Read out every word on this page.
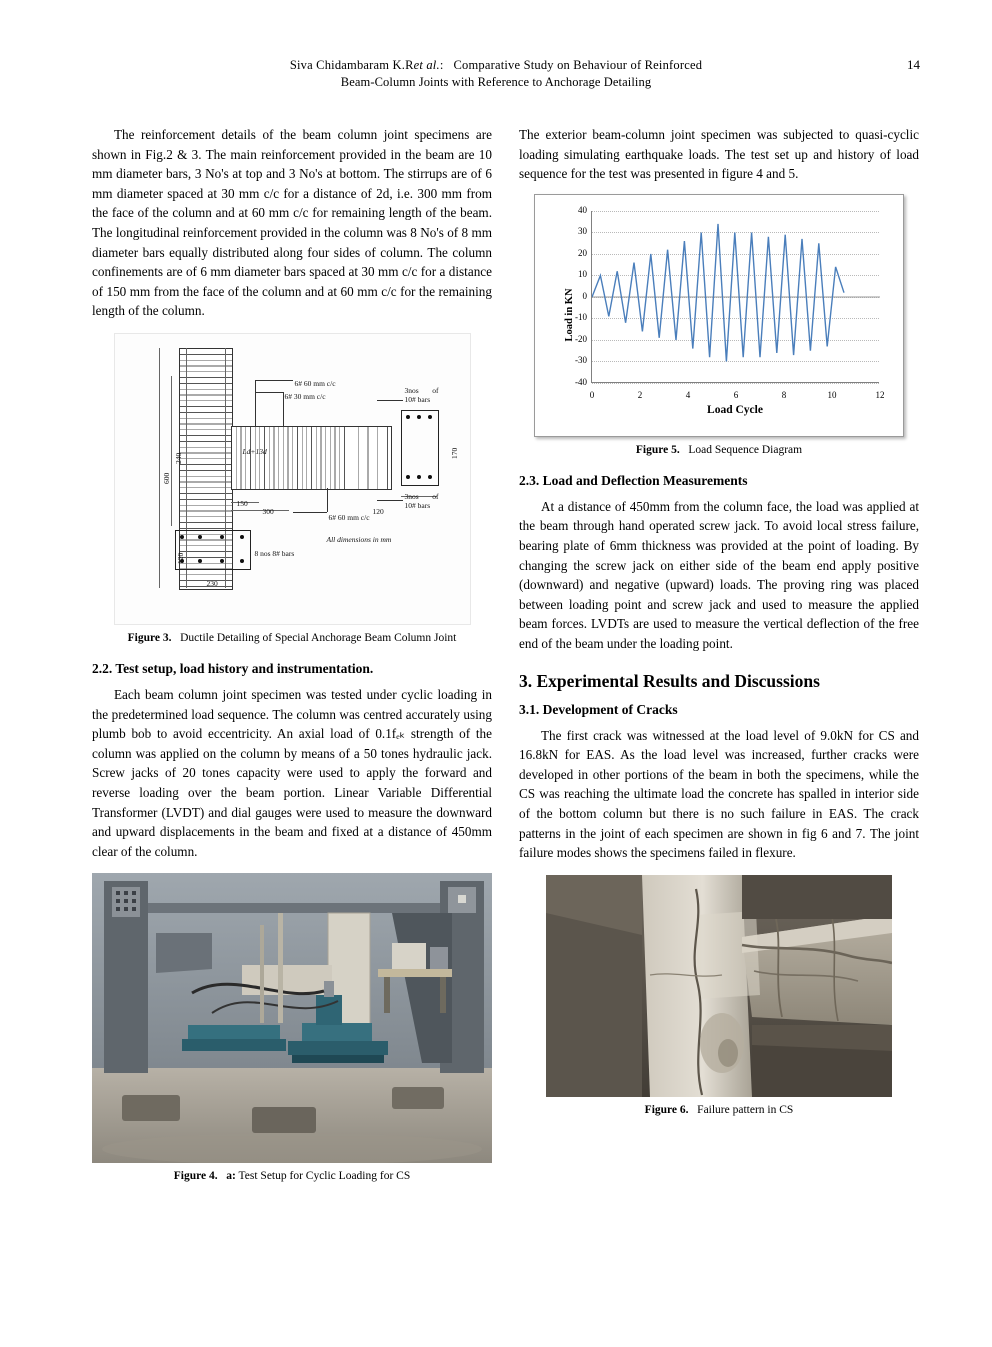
Siva Chidambaram K.Ret al.: Comparative Study on Behaviour of Reinforced
Beam-Column Joints with Reference to Anchorage Detailing
14

The reinforcement details of the beam column joint specimens are shown in Fig.2 & 3. The main reinforcement provided in the beam are 10 mm diameter bars, 3 No's at top and 3 No's at bottom. The stirrups are of 6 mm diameter spaced at 30 mm c/c for a distance of 2d, i.e. 300 mm from the face of the column and at 60 mm c/c for remaining length of the beam. The longitudinal reinforcement provided in the column was 8 No's of 8 mm diameter bars equally distributed along four sides of column. The column confinements are of 6 mm diameter bars spaced at 30 mm c/c for a distance of 150 mm from the face of the column and at 60 mm c/c for the remaining length of the column.

6# 60 mm c/c
6# 30 mm c/c
3nos of 10# bars
3nos of 10# bars
Ld+13d
600
240	170
150
300	120
120
230
6# 60 mm c/c
8 nos 8# bars
All dimensions in mm
Figure 3. Ductile Detailing of Special Anchorage Beam Column Joint
2.2. Test setup, load history and instrumentation.

Each beam column joint specimen was tested under cyclic loading in the predetermined load sequence. The column was centred accurately using plumb bob to avoid eccentricity. An axial load of 0.1fₑₖ strength of the column was applied on the column by means of a 50 tones hydraulic jack. Screw jacks of 20 tones capacity were used to apply the forward and reverse loading over the beam portion. Linear Variable Differential Transformer (LVDT) and dial gauges were used to measure the downward and upward displacements in the beam and fixed at a distance of 450mm clear of the column.

Figure 4. a: Test Setup for Cyclic Loading for CS

The exterior beam-column joint specimen was subjected to quasi-cyclic loading simulating earthquake loads. The test set up and history of load sequence for the test was presented in figure 4 and 5.

Load in KN
40
30
20
10
0
-10
-20
-30
-40
0	2	4	6	8	10	12
Load Cycle
Figure 5. Load Sequence Diagram
2.3. Load and Deflection Measurements

At a distance of 450mm from the column face, the load was applied at the beam through hand operated screw jack. To avoid local stress failure, bearing plate of 6mm thickness was provided at the point of loading. By changing the screw jack on either side of the beam end apply positive (downward) and negative (upward) loads. The proving ring was placed between loading point and screw jack and used to measure the applied beam forces. LVDTs are used to measure the vertical deflection of the free end of the beam under the loading point.

3. Experimental Results and Discussions
3.1. Development of Cracks

The first crack was witnessed at the load level of 9.0kN for CS and 16.8kN for EAS. As the load level was increased, further cracks were developed in other portions of the beam in both the specimens, while the CS was reaching the ultimate load the concrete has spalled in interior side of the bottom column but there is no such failure in EAS. The crack patterns in the joint of each specimen are shown in fig 6 and 7. The joint failure modes shows the specimens failed in flexure.

Figure 6. Failure pattern in CS
